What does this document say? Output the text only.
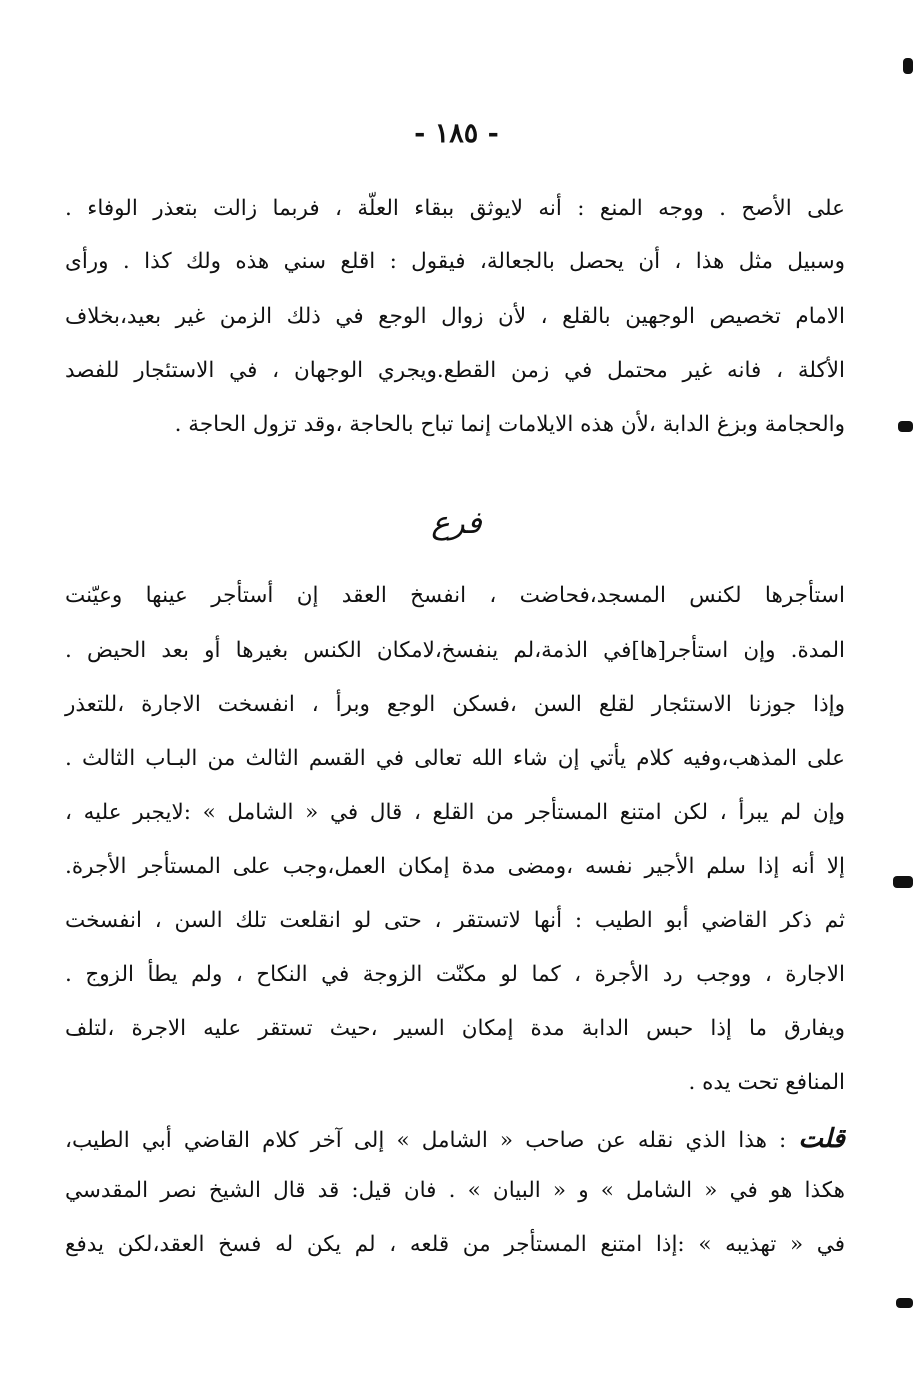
- ١٨٥ -
على الأصح . ووجه المنع : أنه لايوثق ببقاء العلّة ، فربما زالت بتعذر الوفاء .
وسبيل مثل هذا ، أن يحصل بالجعالة، فيقول : اقلع سني هذه ولك كذا . ورأى
الامام تخصيص الوجهين بالقلع ، لأن زوال الوجع في ذلك الزمن غير بعيد،بخلاف
الأكلة ، فانه غير محتمل في زمن القطع.ويجري الوجهان ، في الاستئجار للفصد
والحجامة وبزغ الدابة ،لأن هذه الايلامات إنما تباح بالحاجة ،وقد تزول الحاجة .
فرع
استأجرها لكنس المسجد،فحاضت ، انفسخ العقد إن أستأجر عينها وعيّنت
المدة. وإن استأجر[ها]في الذمة،لم ينفسخ،لامكان الكنس بغيرها أو بعد الحيض .
وإذا جوزنا الاستئجار لقلع السن ،فسكن الوجع وبرأ ، انفسخت الاجارة ،للتعذر
على المذهب،وفيه كلام يأتي إن شاء الله تعالى في القسم الثالث من البـاب الثالث .
وإن لم يبرأ ، لكن امتنع المستأجر من القلع ، قال في « الشامل » :لايجبر عليه ،
إلا أنه إذا سلم الأجير نفسه ،ومضى مدة إمكان العمل،وجب على المستأجر الأجرة.
ثم ذكر القاضي أبو الطيب : أنها لاتستقر ، حتى لو انقلعت تلك السن ، انفسخت
الاجارة ، ووجب رد الأجرة ، كما لو مكنّت الزوجة في النكاح ، ولم يطأ الزوج .
ويفارق ما إذا حبس الدابة مدة إمكان السير ،حيث تستقر عليه الاجرة ،لتلف
المنافع تحت يده .
قلت : هذا الذي نقله عن صاحب « الشامل » إلى آخر كلام القاضي أبي الطيب،
هكذا هو في « الشامل » و « البيان » . فان قيل: قد قال الشيخ نصر المقدسي
في « تهذيبه » :إذا امتنع المستأجر من قلعه ، لم يكن له فسخ العقد،لكن يدفع
